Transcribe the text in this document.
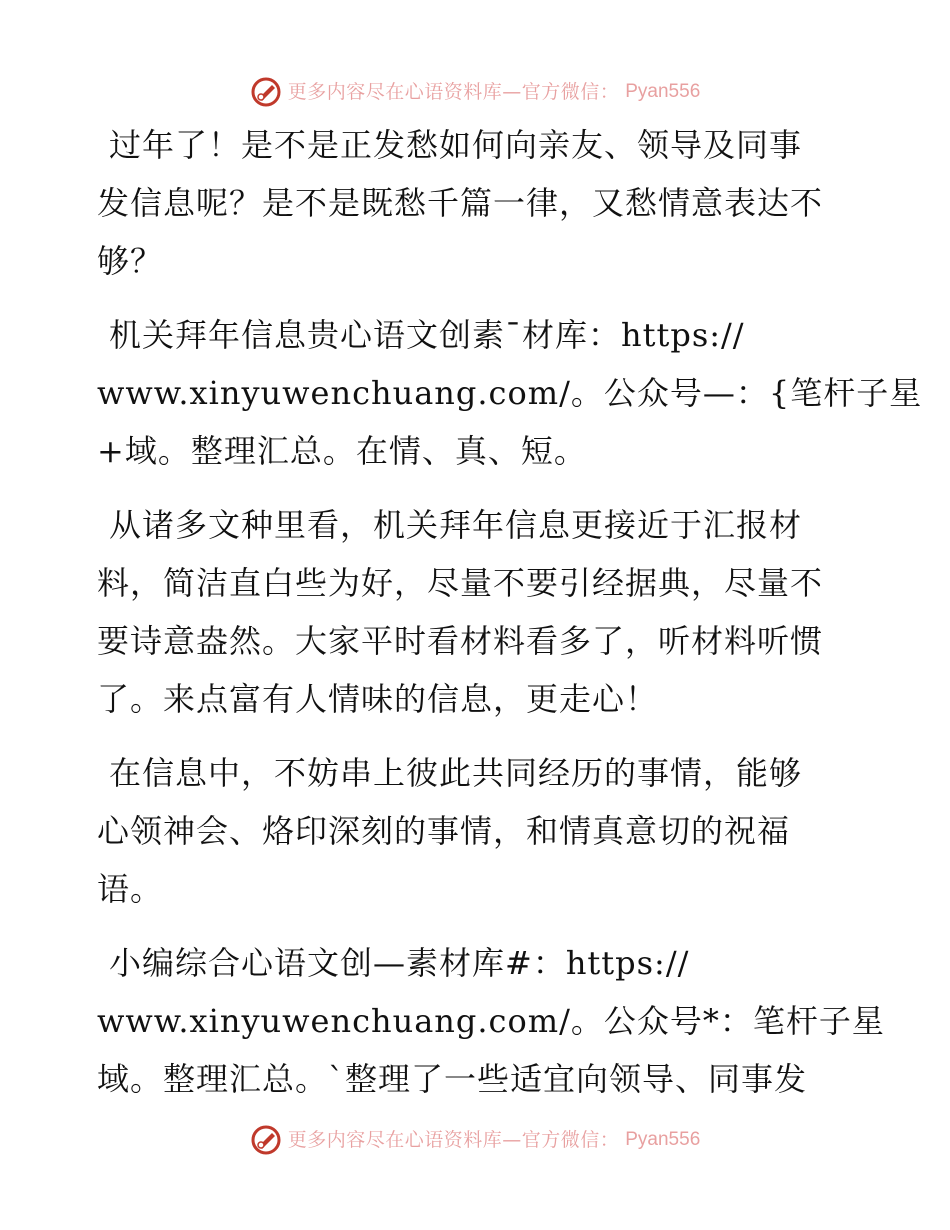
更多内容尽在心语资料库—官方微信： Pyan556
过年了！是不是正发愁如何向亲友、领导及同事
发信息呢？是不是既愁千篇一律，又愁情意表达不
够？
机关拜年信息贵心语文创素¯材库：https://
www.xinyuwenchuang.com/。公众号—：{笔杆子星
+域。整理汇总。在情、真、短。
从诸多文种里看，机关拜年信息更接近于汇报材
料，简洁直白些为好，尽量不要引经据典，尽量不
要诗意盎然。大家平时看材料看多了，听材料听惯
了。来点富有人情味的信息，更走心！
在信息中，不妨串上彼此共同经历的事情，能够
心领神会、烙印深刻的事情，和情真意切的祝福
语。
小编综合心语文创—素材库#：https://
www.xinyuwenchuang.com/。公众号*：笔杆子星
域。整理汇总。`整理了一些适宜向领导、同事发
更多内容尽在心语资料库—官方微信： Pyan556
